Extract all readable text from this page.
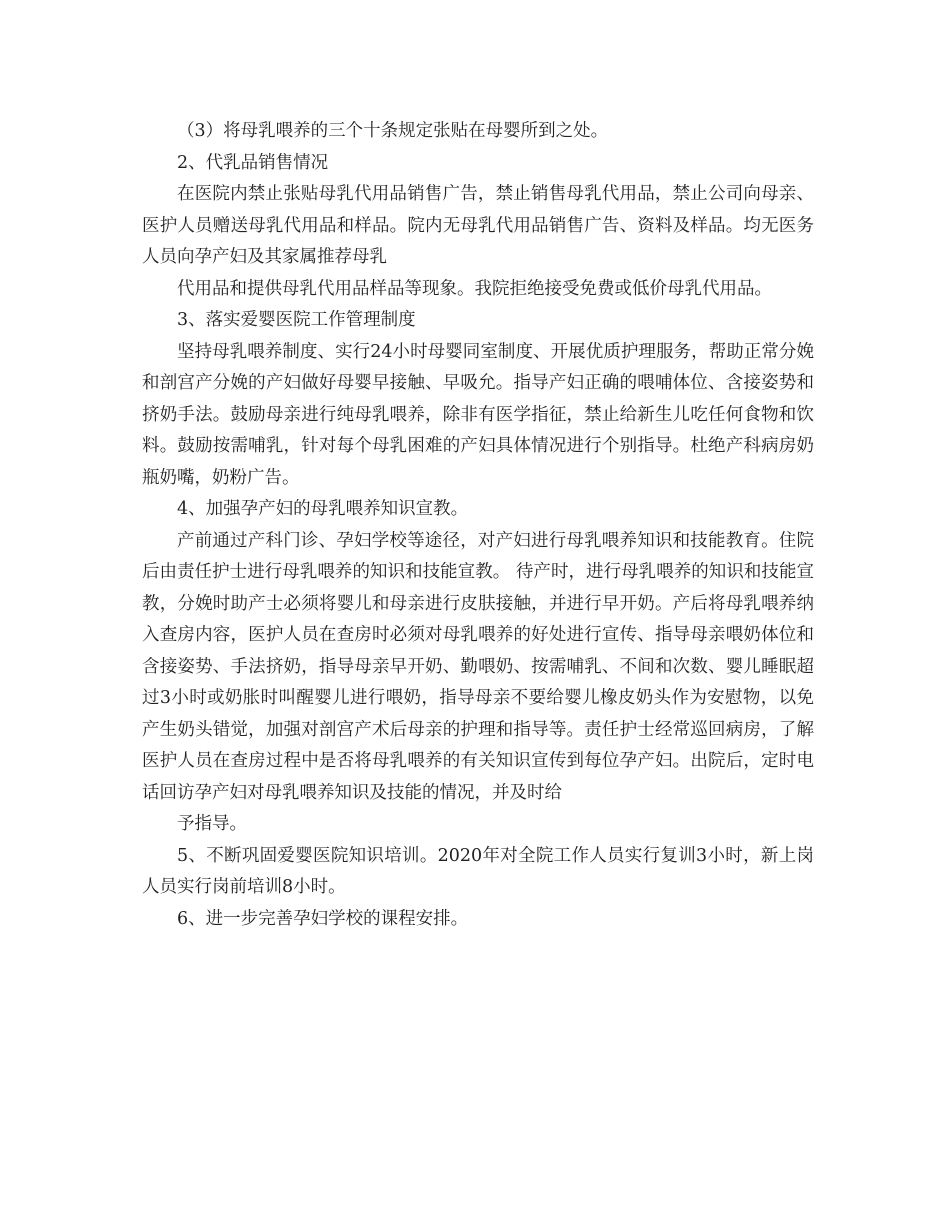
（3）将母乳喂养的三个十条规定张贴在母婴所到之处。

2、代乳品销售情况

在医院内禁止张贴母乳代用品销售广告，禁止销售母乳代用品，禁止公司向母亲、医护人员赠送母乳代用品和样品。院内无母乳代用品销售广告、资料及样品。均无医务人员向孕产妇及其家属推荐母乳

代用品和提供母乳代用品样品等现象。我院拒绝接受免费或低价母乳代用品。

3、落实爱婴医院工作管理制度

坚持母乳喂养制度、实行24小时母婴同室制度、开展优质护理服务，帮助正常分娩和剖宫产分娩的产妇做好母婴早接触、早吸允。指导产妇正确的喂哺体位、含接姿势和挤奶手法。鼓励母亲进行纯母乳喂养，除非有医学指征，禁止给新生儿吃任何食物和饮料。鼓励按需哺乳，针对每个母乳困难的产妇具体情况进行个别指导。杜绝产科病房奶瓶奶嘴，奶粉广告。

4、加强孕产妇的母乳喂养知识宣教。

产前通过产科门诊、孕妇学校等途径，对产妇进行母乳喂养知识和技能教育。住院后由责任护士进行母乳喂养的知识和技能宣教。 待产时，进行母乳喂养的知识和技能宣教，分娩时助产士必须将婴儿和母亲进行皮肤接触，并进行早开奶。产后将母乳喂养纳入查房内容，医护人员在查房时必须对母乳喂养的好处进行宣传、指导母亲喂奶体位和含接姿势、手法挤奶，指导母亲早开奶、勤喂奶、按需哺乳、不间和次数、婴儿睡眠超过3小时或奶胀时叫醒婴儿进行喂奶，指导母亲不要给婴儿橡皮奶头作为安慰物，以免产生奶头错觉，加强对剖宫产术后母亲的护理和指导等。责任护士经常巡回病房，了解医护人员在查房过程中是否将母乳喂养的有关知识宣传到每位孕产妇。出院后，定时电话回访孕产妇对母乳喂养知识及技能的情况，并及时给

予指导。

5、不断巩固爱婴医院知识培训。2020年对全院工作人员实行复训3小时，新上岗人员实行岗前培训8小时。

6、进一步完善孕妇学校的课程安排。
